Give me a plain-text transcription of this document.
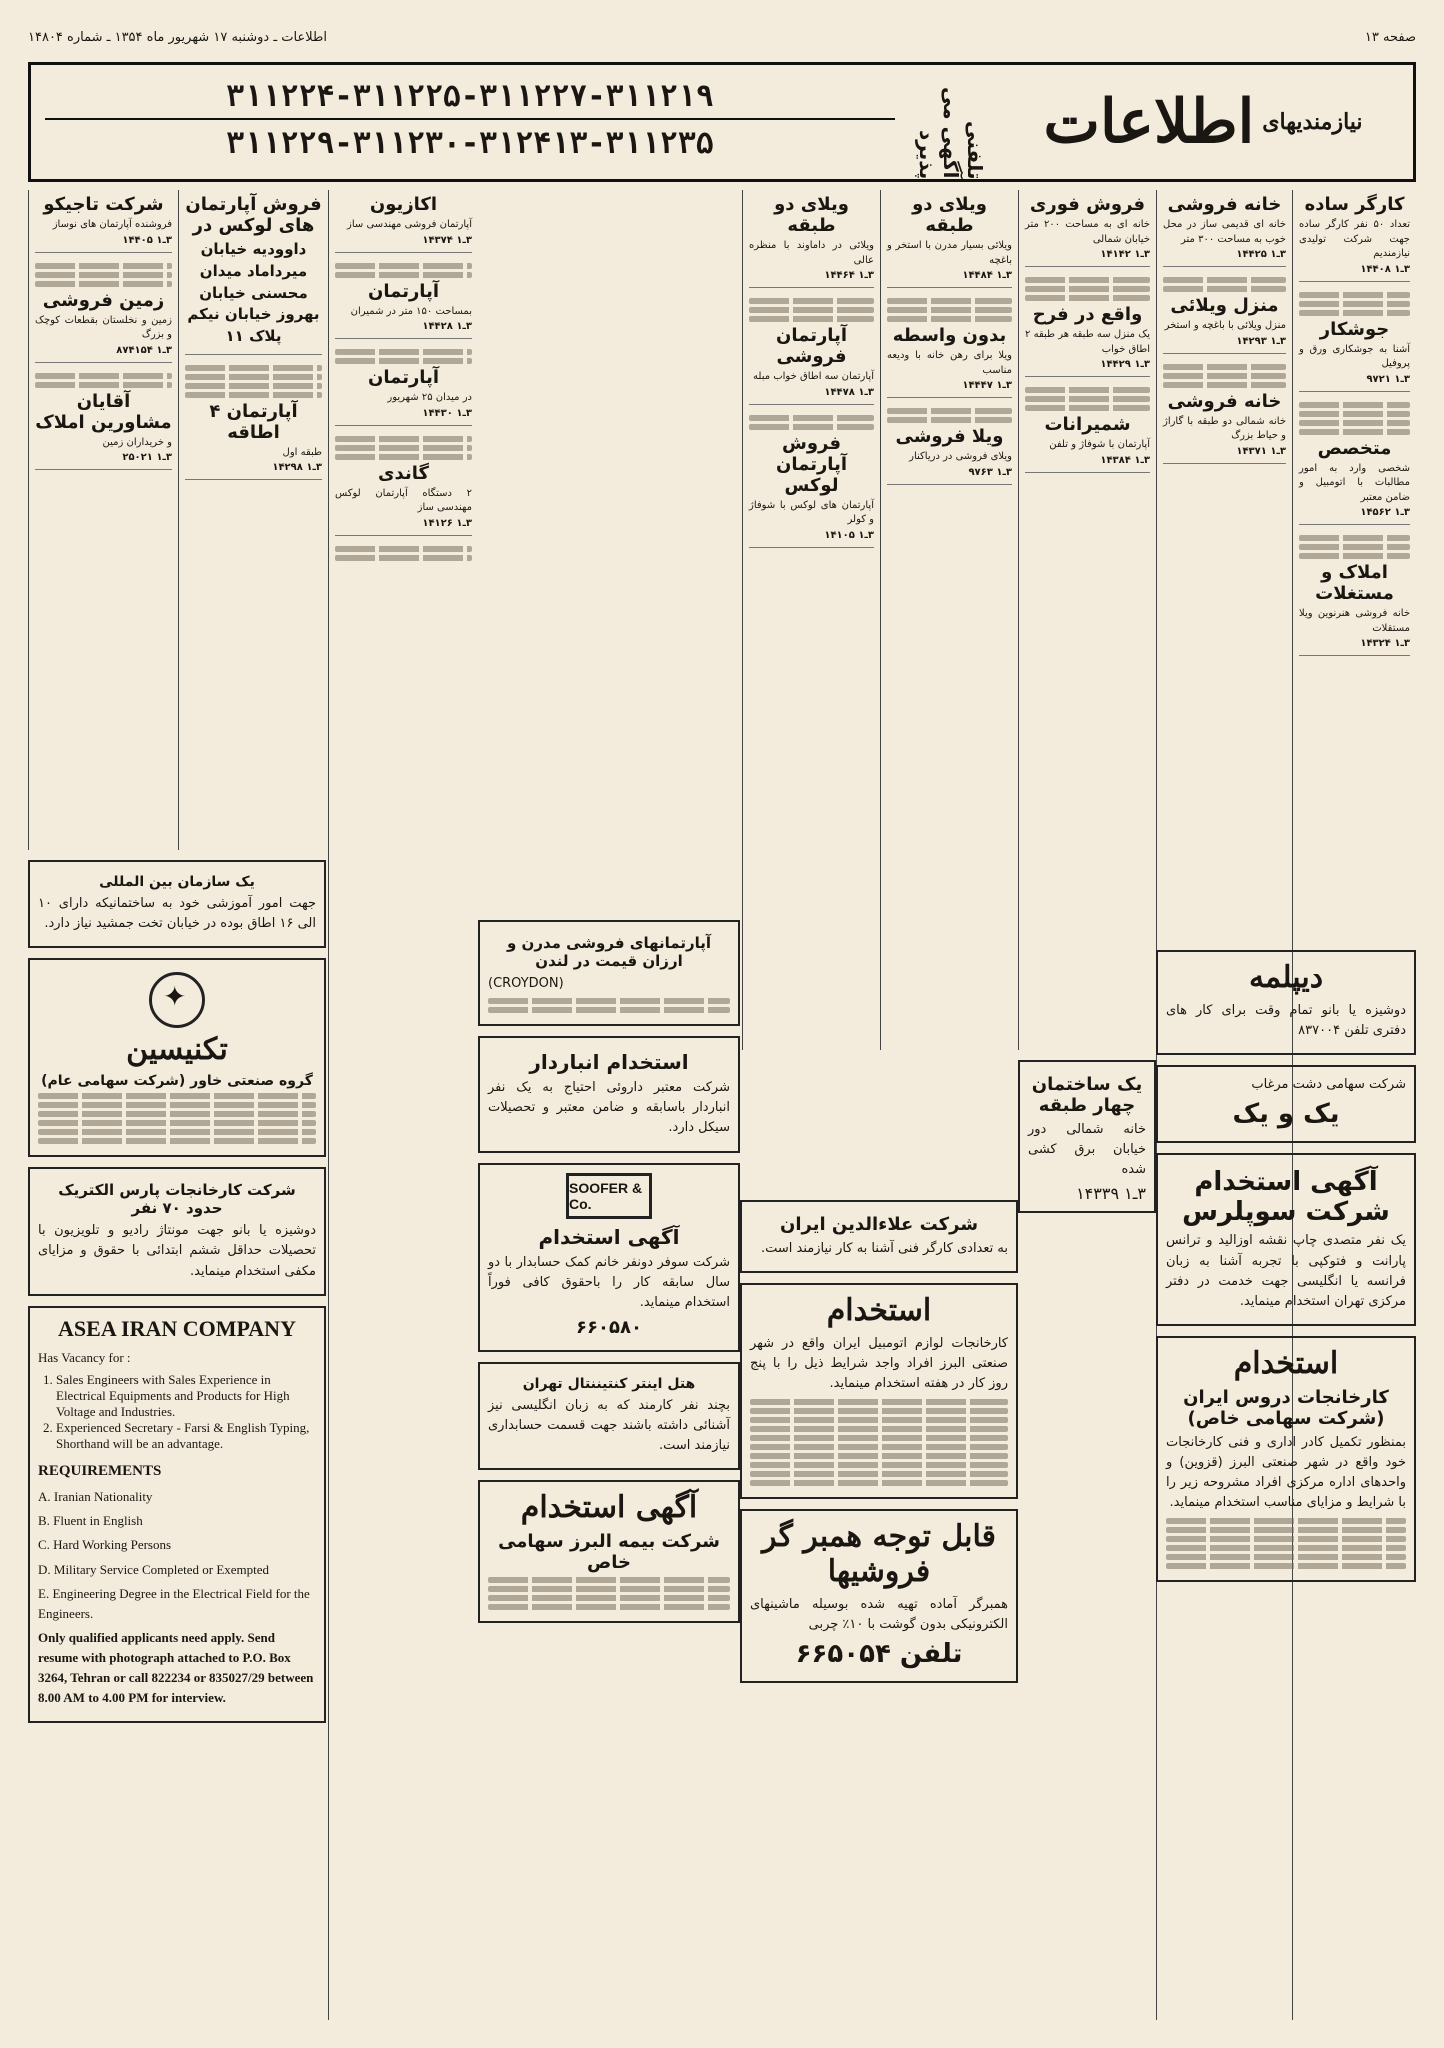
صفحه ۱۳
اطلاعات ـ دوشنبه ۱۷ شهریور ماه ۱۳۵۴ ـ شماره ۱۴۸۰۴
نیازمندیهای
اطلاعات
تلفنی آگهی می پذیرد
۳۱۱۲۲۴-۳۱۱۲۲۵-۳۱۱۲۲۷-۳۱۱۲۱۹
۳۱۱۲۲۹-۳۱۱۲۳۰-۳۱۲۴۱۳-۳۱۱۲۳۵
کارگر ساده

تعداد ۵۰ نفر کارگر ساده جهت شرکت تولیدی نیازمندیم

۳ـ۱ ۱۴۴۰۸
جوشکار

آشنا به جوشکاری ورق و پروفیل

۳ـ۱ ۹۷۲۱
متخصص

شخصی وارد به امور مطالبات با اتومبیل و ضامن معتبر

۳ـ۱ ۱۴۵۶۲
املاک و مستغلات

خانه فروشی هنرنوین ویلا مستقلات

۳ـ۱ ۱۴۳۲۴
خانه فروشی

خانه ای قدیمی ساز در محل خوب به مساحت ۳۰۰ متر

۳ـ۱ ۱۴۴۲۵
منزل ویلائی

منزل ویلائی با باغچه و استخر

۳ـ۱ ۱۴۲۹۳
خانه فروشی

خانه شمالی دو طبقه با گاراژ و حیاط بزرگ

۳ـ۱ ۱۴۳۷۱
دیپلمه

دوشیزه یا بانو تمام وقت برای کار های دفتری تلفن ۸۳۷۰۰۴

شرکت سهامی دشت مرغاب

یک و یک
آگهی استخدام شرکت سوپلرس

یک نفر متصدی چاپ نقشه اوزالید و ترانس پارانت و فتوکپی با تجربه آشنا به زبان فرانسه یا انگلیسی جهت خدمت در دفتر مرکزی تهران استخدام مینماید.

استخدام
کارخانجات دروس ایران (شرکت سهامی خاص)

بمنظور تکمیل کادر اداری و فنی کارخانجات خود واقع در شهر صنعتی البرز (قزوین) و واحدهای اداره مرکزی افراد مشروحه زیر را با شرایط و مزایای مناسب استخدام مینماید.

فروش فوری

خانه ای به مساحت ۲۰۰ متر خیابان شمالی

۳ـ۱ ۱۴۱۴۲
واقع در فرح

یک منزل سه طبقه هر طبقه ۲ اطاق خواب

۳ـ۱ ۱۴۴۲۹
شمیرانات

آپارتمان با شوفاژ و تلفن

۳ـ۱ ۱۴۳۸۴
ویلای دو طبقه

ویلائی بسیار مدرن با استخر و باغچه

۳ـ۱ ۱۴۴۸۴
بدون واسطه

ویلا برای رهن خانه با ودیعه مناسب

۳ـ۱ ۱۴۴۴۷
ویلا فروشی

ویلای فروشی در دریاکنار

۳ـ۱ ۹۷۶۳
یک ساختمان چهار طبقه

خانه شمالی دور خیابان برق کشی شده

۳ـ۱ ۱۴۳۳۹
شرکت علاءالدین ایران

به تعدادی کارگر فنی آشنا به کار نیازمند است.

استخدام

کارخانجات لوازم اتومبیل ایران واقع در شهر صنعتی البرز افراد واجد شرایط ذیل را با پنج روز کار در هفته استخدام مینماید.

قابل توجه همبر گر فروشیها

همبرگر آماده تهیه شده بوسیله ماشینهای الکترونیکی بدون گوشت با ۱۰٪ چربی

تلفن ۶۶۵۰۵۴
ویلای دو طبقه

ویلائی در داماوند با منظره عالی

۳ـ۱ ۱۴۴۶۴
آپارتمان فروشی

آپارتمان سه اطاق خواب مبله

۳ـ۱ ۱۴۴۷۸
فروش آپارتمان لوکس

آپارتمان های لوکس با شوفاژ و کولر

۳ـ۱ ۱۴۱۰۵
آپارتمانهای فروشی مدرن و ارزان قیمت در لندن

(CROYDON)

استخدام انباردار

شرکت معتبر داروئی احتیاج به یک نفر انباردار باسابقه و ضامن معتبر و تحصیلات سیکل دارد.

SOOFER & Co.
آگهی استخدام

شرکت سوفر دونفر خانم کمک حسابدار با دو سال سابقه کار را باحقوق کافی فوراً استخدام مینماید.

۶۶۰۵۸۰
هتل اینتر کنتیننتال تهران

بچند نفر کارمند که به زبان انگلیسی نیز آشنائی داشته باشند جهت قسمت حسابداری نیازمند است.

آگهی استخدام
شرکت بیمه البرز سهامی خاص
اکازیون

آپارتمان فروشی مهندسی ساز

۳ـ۱ ۱۴۳۷۴
آپارتمان

بمساحت ۱۵۰ متر در شمیران

۳ـ۱ ۱۴۴۲۸
آپارتمان

در میدان ۲۵ شهریور

۳ـ۱ ۱۴۴۳۰
گاندی

۲ دستگاه آپارتمان لوکس مهندسی ساز

۳ـ۱ ۱۴۱۲۶
فروش آپارتمان های لوکس در

داوودیه خیابان میرداماد میدان محسنی خیابان بهروز خیابان نیکم پلاک ۱۱

آپارتمان ۴ اطاقه

طبقه اول

۳ـ۱ ۱۴۲۹۸
شرکت تاجیکو

فروشنده آپارتمان های نوساز

۳ـ۱ ۱۴۴۰۵
زمین فروشی

زمین و نخلستان بقطعات کوچک و بزرگ

۳ـ۱ ۸۷۴۱۵۴
آقایان مشاورین املاک

و خریداران زمین

۳ـ۱ ۲۵۰۲۱
یک سازمان بین المللی

جهت امور آموزشی خود به ساختمانیکه دارای ۱۰ الی ۱۶ اطاق بوده در خیابان تخت جمشید نیاز دارد.

✦
تکنیسین
گروه صنعتی خاور (شرکت سهامی عام)
شرکت کارخانجات پارس الکتریک حدود ۷۰ نفر

دوشیزه یا بانو جهت مونتاژ رادیو و تلویزیون با تحصیلات حداقل ششم ابتدائی با حقوق و مزایای مکفی استخدام مینماید.

ASEA IRAN COMPANY

Has Vacancy for :

1. Sales Engineers with Sales Experience in Electrical Equipments and Products for High Voltage and Industries.
2. Experienced Secretary - Farsi & English Typing, Shorthand will be an advantage.

REQUIREMENTS

A. Iranian Nationality

B. Fluent in English

C. Hard Working Persons

D. Military Service Completed or Exempted

E. Engineering Degree in the Electrical Field for the Engineers.

Only qualified applicants need apply. Send resume with photograph attached to P.O. Box 3264, Tehran or call 822234 or 835027/29 between 8.00 AM to 4.00 PM for interview.
